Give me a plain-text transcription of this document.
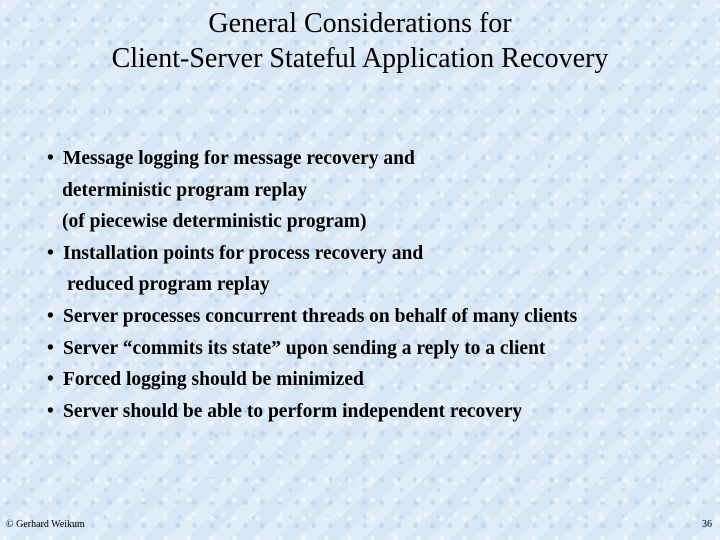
General Considerations for
Client-Server Stateful Application Recovery
• Message logging for message recovery and
deterministic program replay
(of piecewise deterministic program)
• Installation points for process recovery and
reduced program replay
• Server processes concurrent threads on behalf of many clients
• Server “commits its state” upon sending a reply to a client
• Forced logging should be minimized
• Server should be able to perform independent recovery
© Gerhard Weikum	36
